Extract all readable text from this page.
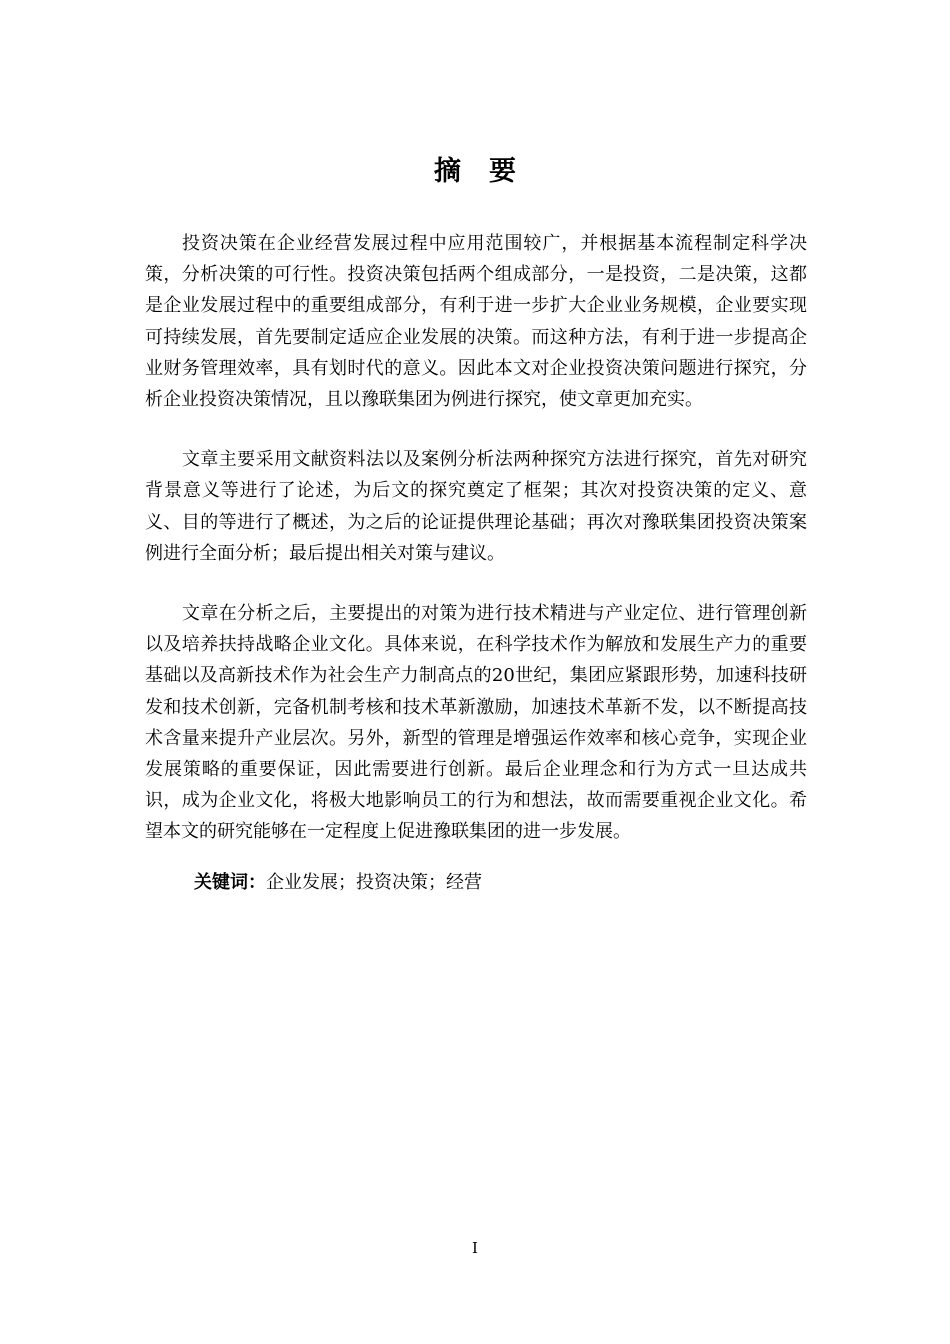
摘要

投资决策在企业经营发展过程中应用范围较广，并根据基本流程制定科学决策，分析决策的可行性。投资决策包括两个组成部分，一是投资，二是决策，这都是企业发展过程中的重要组成部分，有利于进一步扩大企业业务规模，企业要实现可持续发展，首先要制定适应企业发展的决策。而这种方法，有利于进一步提高企业财务管理效率，具有划时代的意义。因此本文对企业投资决策问题进行探究，分析企业投资决策情况，且以豫联集团为例进行探究，使文章更加充实。

文章主要采用文献资料法以及案例分析法两种探究方法进行探究，首先对研究背景意义等进行了论述，为后文的探究奠定了框架；其次对投资决策的定义、意义、目的等进行了概述，为之后的论证提供理论基础；再次对豫联集团投资决策案例进行全面分析；最后提出相关对策与建议。

文章在分析之后，主要提出的对策为进行技术精进与产业定位、进行管理创新以及培养扶持战略企业文化。具体来说，在科学技术作为解放和发展生产力的重要基础以及高新技术作为社会生产力制高点的20世纪，集团应紧跟形势，加速科技研发和技术创新，完备机制考核和技术革新激励，加速技术革新不发，以不断提高技术含量来提升产业层次。另外，新型的管理是增强运作效率和核心竞争，实现企业发展策略的重要保证，因此需要进行创新。最后企业理念和行为方式一旦达成共识，成为企业文化，将极大地影响员工的行为和想法，故而需要重视企业文化。希望本文的研究能够在一定程度上促进豫联集团的进一步发展。

关键词：企业发展；投资决策；经营
I
